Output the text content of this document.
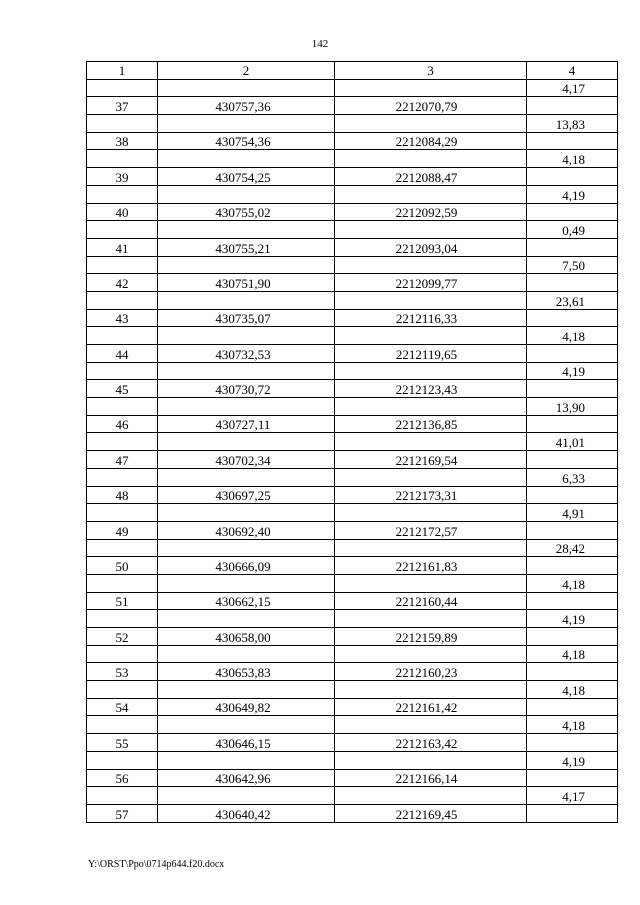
142
1	2	3	4
			4,17
37	430757,36	2212070,79	
			13,83
38	430754,36	2212084,29	
			4,18
39	430754,25	2212088,47	
			4,19
40	430755,02	2212092,59	
			0,49
41	430755,21	2212093,04	
			7,50
42	430751,90	2212099,77	
			23,61
43	430735,07	2212116,33	
			4,18
44	430732,53	2212119,65	
			4,19
45	430730,72	2212123,43	
			13,90
46	430727,11	2212136,85	
			41,01
47	430702,34	2212169,54	
			6,33
48	430697,25	2212173,31	
			4,91
49	430692,40	2212172,57	
			28,42
50	430666,09	2212161,83	
			4,18
51	430662,15	2212160,44	
			4,19
52	430658,00	2212159,89	
			4,18
53	430653,83	2212160,23	
			4,18
54	430649,82	2212161,42	
			4,18
55	430646,15	2212163,42	
			4,19
56	430642,96	2212166,14	
			4,17
57	430640,42	2212169,45	
Y:\ORST\Ppo\0714p644.f20.docx
